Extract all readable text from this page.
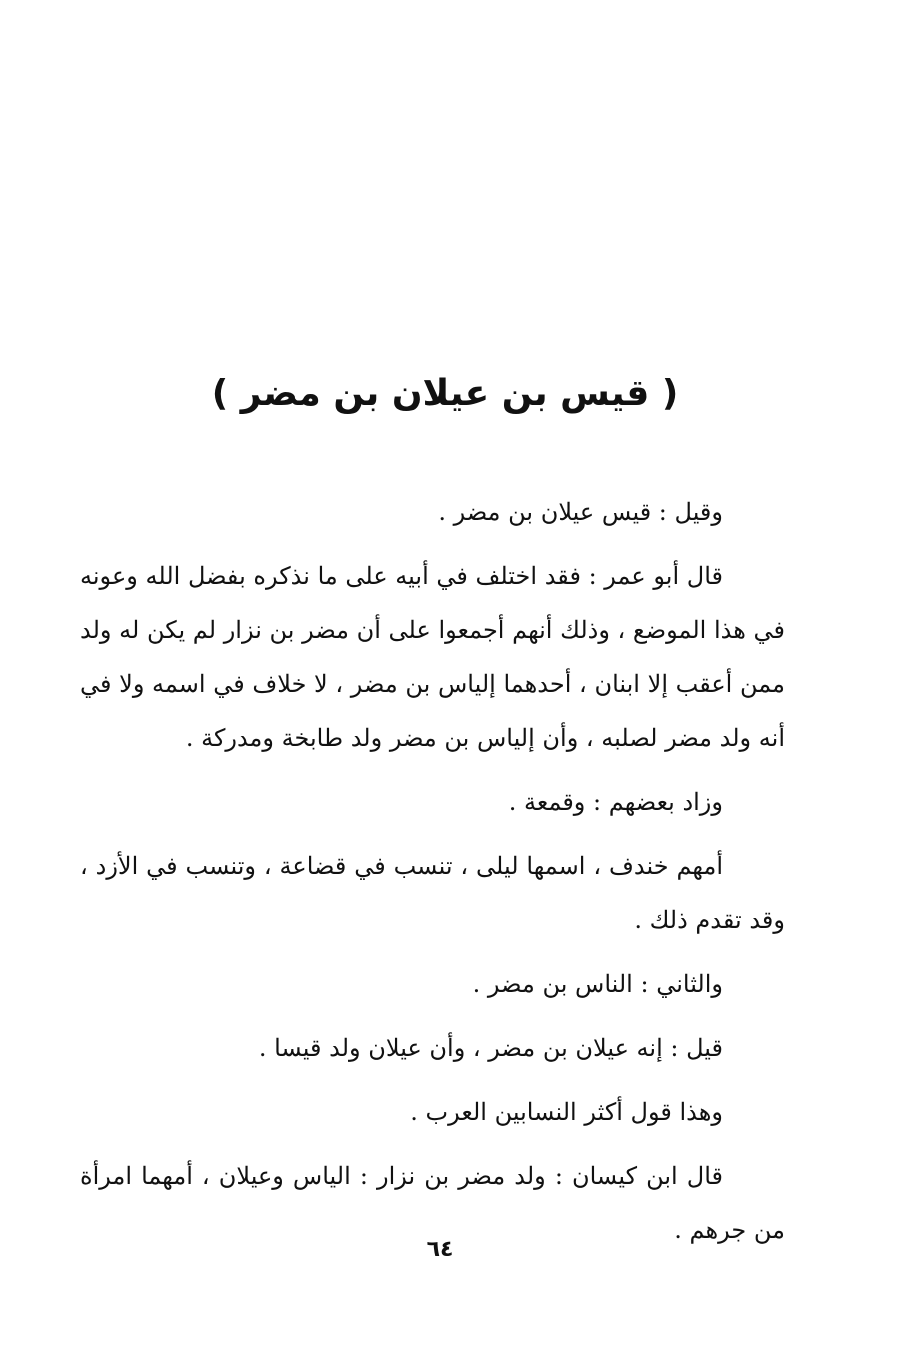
( قيس بن عيلان بن مضر )

وقيل : قيس عيلان بن مضر .

قال أبو عمر : فقد اختلف في أبيه على ما نذكره بفضل الله وعونه في هذا الموضع ، وذلك أنهم أجمعوا على أن مضر بن نزار لم يكن له ولد ممن أعقب إلا ابنان ، أحدهما إلياس بن مضر ، لا خلاف في اسمه ولا في أنه ولد مضر لصلبه ، وأن إلياس بن مضر ولد طابخة ومدركة .

وزاد بعضهم : وقمعة .

أمهم خندف ، اسمها ليلى ، تنسب في قضاعة ، وتنسب في الأزد ، وقد تقدم ذلك .

والثاني : الناس بن مضر .

قيل : إنه عيلان بن مضر ، وأن عيلان ولد قيسا .

وهذا قول أكثر النسابين العرب .

قال ابن كيسان : ولد مضر بن نزار : الياس وعيلان ، أمهما امرأة من جرهم .

٦٤
